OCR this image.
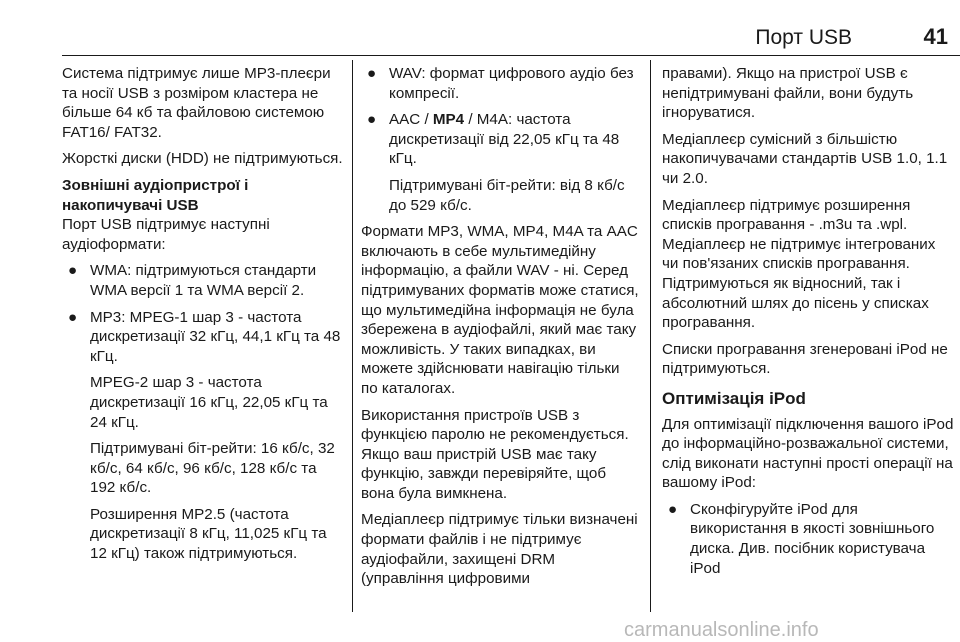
Порт USB	41

Система підтримує лише MP3-плеєри та носії USB з розміром кластера не більше 64 кб та файловою системою FAT16/ FAT32.

Жорсткі диски (HDD) не підтримуються.

Зовнішні аудіопристрої і накопичувачі USB

Порт USB підтримує наступні аудіоформати:

● WMA: підтримуються стандарти WMA версії 1 та WMA версії 2.
● MP3: MPEG-1 шар 3 - частота дискретизації 32 кГц, 44,1 кГц та 48 кГц.

MPEG-2 шар 3 - частота дискретизації 16 кГц, 22,05 кГц та 24 кГц.

Підтримувані біт-рейти: 16 кб/с, 32 кб/с, 64 кб/с, 96 кб/с, 128 кб/с та 192 кб/с.

Розширення MP2.5 (частота дискретизації 8 кГц, 11,025 кГц та 12 кГц) також підтримуються.

● WAV: формат цифрового аудіо без компресії.
● AAC / MP4 / M4A: частота дискретизації від 22,05 кГц та 48 кГц.

Підтримувані біт-рейти: від 8 кб/с до 529 кб/с.

Формати MP3, WMA, MP4, M4A та AAC включають в себе мультимедійну інформацію, а файли WAV - ні. Серед підтримуваних форматів може статися, що мультимедійна інформація не була збережена в аудіофайлі, який має таку можливість. У таких випадках, ви можете здійснювати навігацію тільки по каталогах.

Використання пристроїв USB з функцією паролю не рекомендується. Якщо ваш пристрій USB має таку функцію, завжди перевіряйте, щоб вона була вимкнена.

Медіаплеєр підтримує тільки визначені формати файлів і не підтримує аудіофайли, захищені DRM (управління цифровими

правами). Якщо на пристрої USB є непідтримувані файли, вони будуть ігноруватися.

Медіаплеєр сумісний з більшістю накопичувачами стандартів USB 1.0, 1.1 чи 2.0.

Медіаплеєр підтримує розширення списків програвання - .m3u та .wpl. Медіаплеєр не підтримує інтегрованих чи пов'язаних списків програвання. Підтримуються як відносний, так і абсолютний шлях до пісень у списках програвання.

Списки програвання згенеровані iPod не підтримуються.

Оптимізація iPod

Для оптимізації підключення вашого iPod до інформаційно-розважальної системи, слід виконати наступні прості операції на вашому iPod:

● Сконфігуруйте iPod для використання в якості зовнішнього диска. Див. посібник користувача iPod
carmanualsonline.info
